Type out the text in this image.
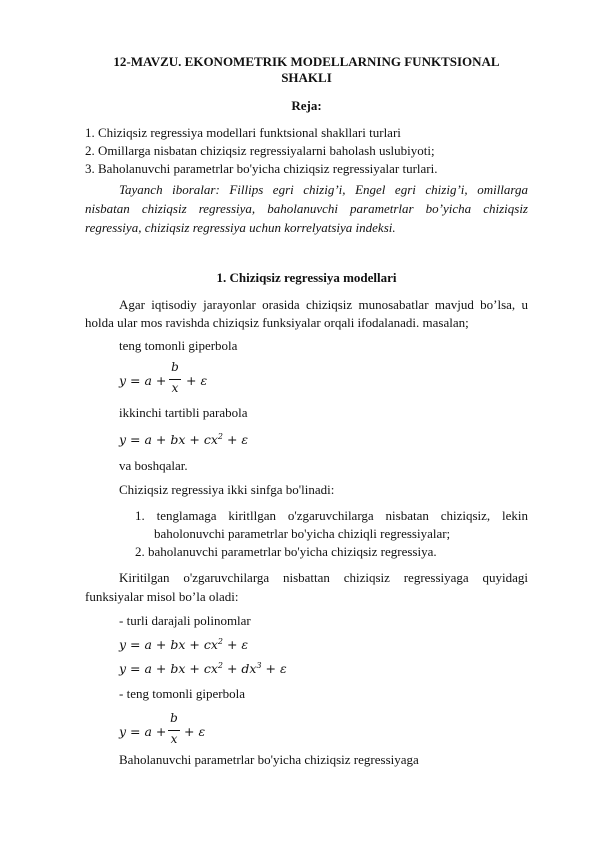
12-MAVZU. EKONOMETRIK MODELLARNING FUNKTSIONAL
SHAKLI
Reja:
1. Chiziqsiz regressiya modellari funktsional shakllari turlari
2. Omillarga nisbatan chiziqsiz regressiyalarni baholash uslubiyoti;
3. Baholanuvchi parametrlar bo'yicha chiziqsiz regressiyalar turlari.
Tayanch iboralar: Fillips egri chizig’i, Engel egri chizig’i, omillarga
nisbatan chiziqsiz regressiya, baholanuvchi parametrlar bo’yicha chiziqsiz
regressiya, chiziqsiz regressiya uchun korrelyatsiya indeksi.
1. Chiziqsiz regressiya modellari
Agar iqtisodiy jarayonlar orasida chiziqsiz munosabatlar mavjud bo’lsa, u
holda ular mos ravishda chiziqsiz funksiyalar orqali ifodalanadi. masalan;
teng tomonli giperbola
y = a +
b
x + ε
ikkinchi tartibli parabola
y = a + bx + $cx^2 + \varepsilon$
va boshqalar.
Chiziqsiz regressiya ikki sinfga bo'linadi:
1. tenglamaga kiritllgan o'zgaruvchilarga nisbatan chiziqsiz, lekin
baholonuvchi parametrlar bo'yicha chiziqli regressiyalar;
2. baholanuvchi parametrlar bo'yicha chiziqsiz regressiya.
Kiritilgan o'zgaruvchilarga nisbattan chiziqsiz regressiyaga quyidagi
funksiyalar misol bo’la oladi:
- turli darajali polinomlar
y = a + bx + $cx^2 + \varepsilon$
y = a + bx + $cx^2 + dx^3 + \varepsilon$
- teng tomonli giperbola
y = a +
b
x + ε
Baholanuvchi parametrlar bo'yicha chiziqsiz regressiyaga
